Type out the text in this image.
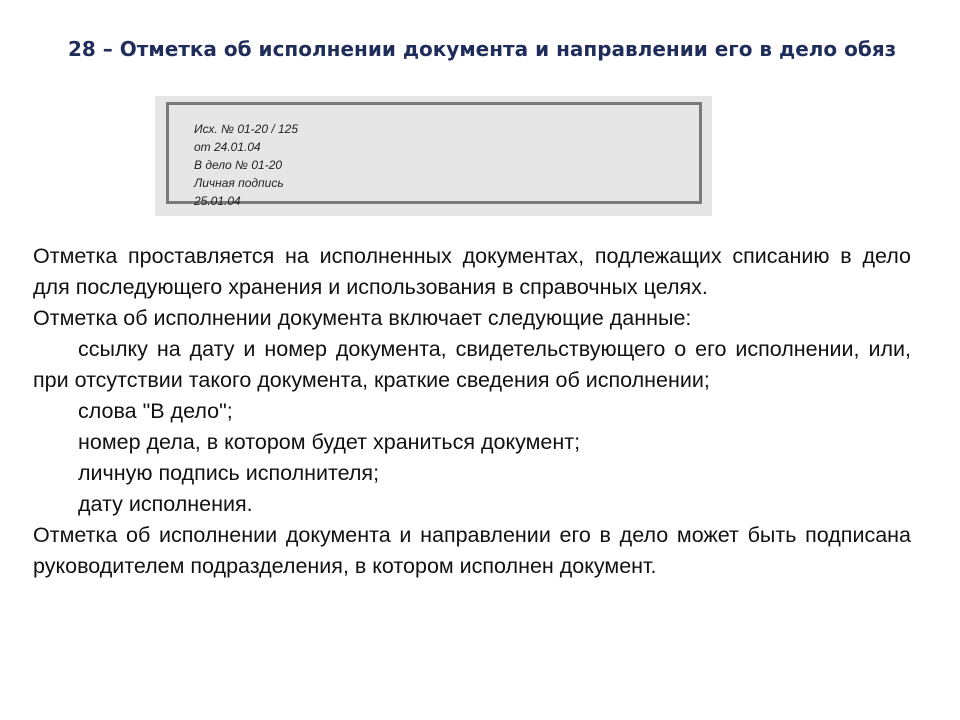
28 – Отметка об исполнении документа и направлении его в дело обяз
Исх. № 01-20 / 125
от 24.01.04
В дело № 01-20
Личная подпись
25.01.04

Отметка проставляется на исполненных документах, подлежащих списанию в дело для последующего хранения и использования в справочных целях.

Отметка об исполнении документа включает следующие данные:

ссылку на дату и номер документа, свидетельствующего о его исполнении, или, при отсутствии такого документа, краткие сведения об исполнении;

слова "В дело";

номер дела, в котором будет храниться документ;

личную подпись исполнителя;

дату исполнения.

Отметка об исполнении документа и направлении его в дело может быть подписана руководителем подразделения, в котором исполнен документ.
